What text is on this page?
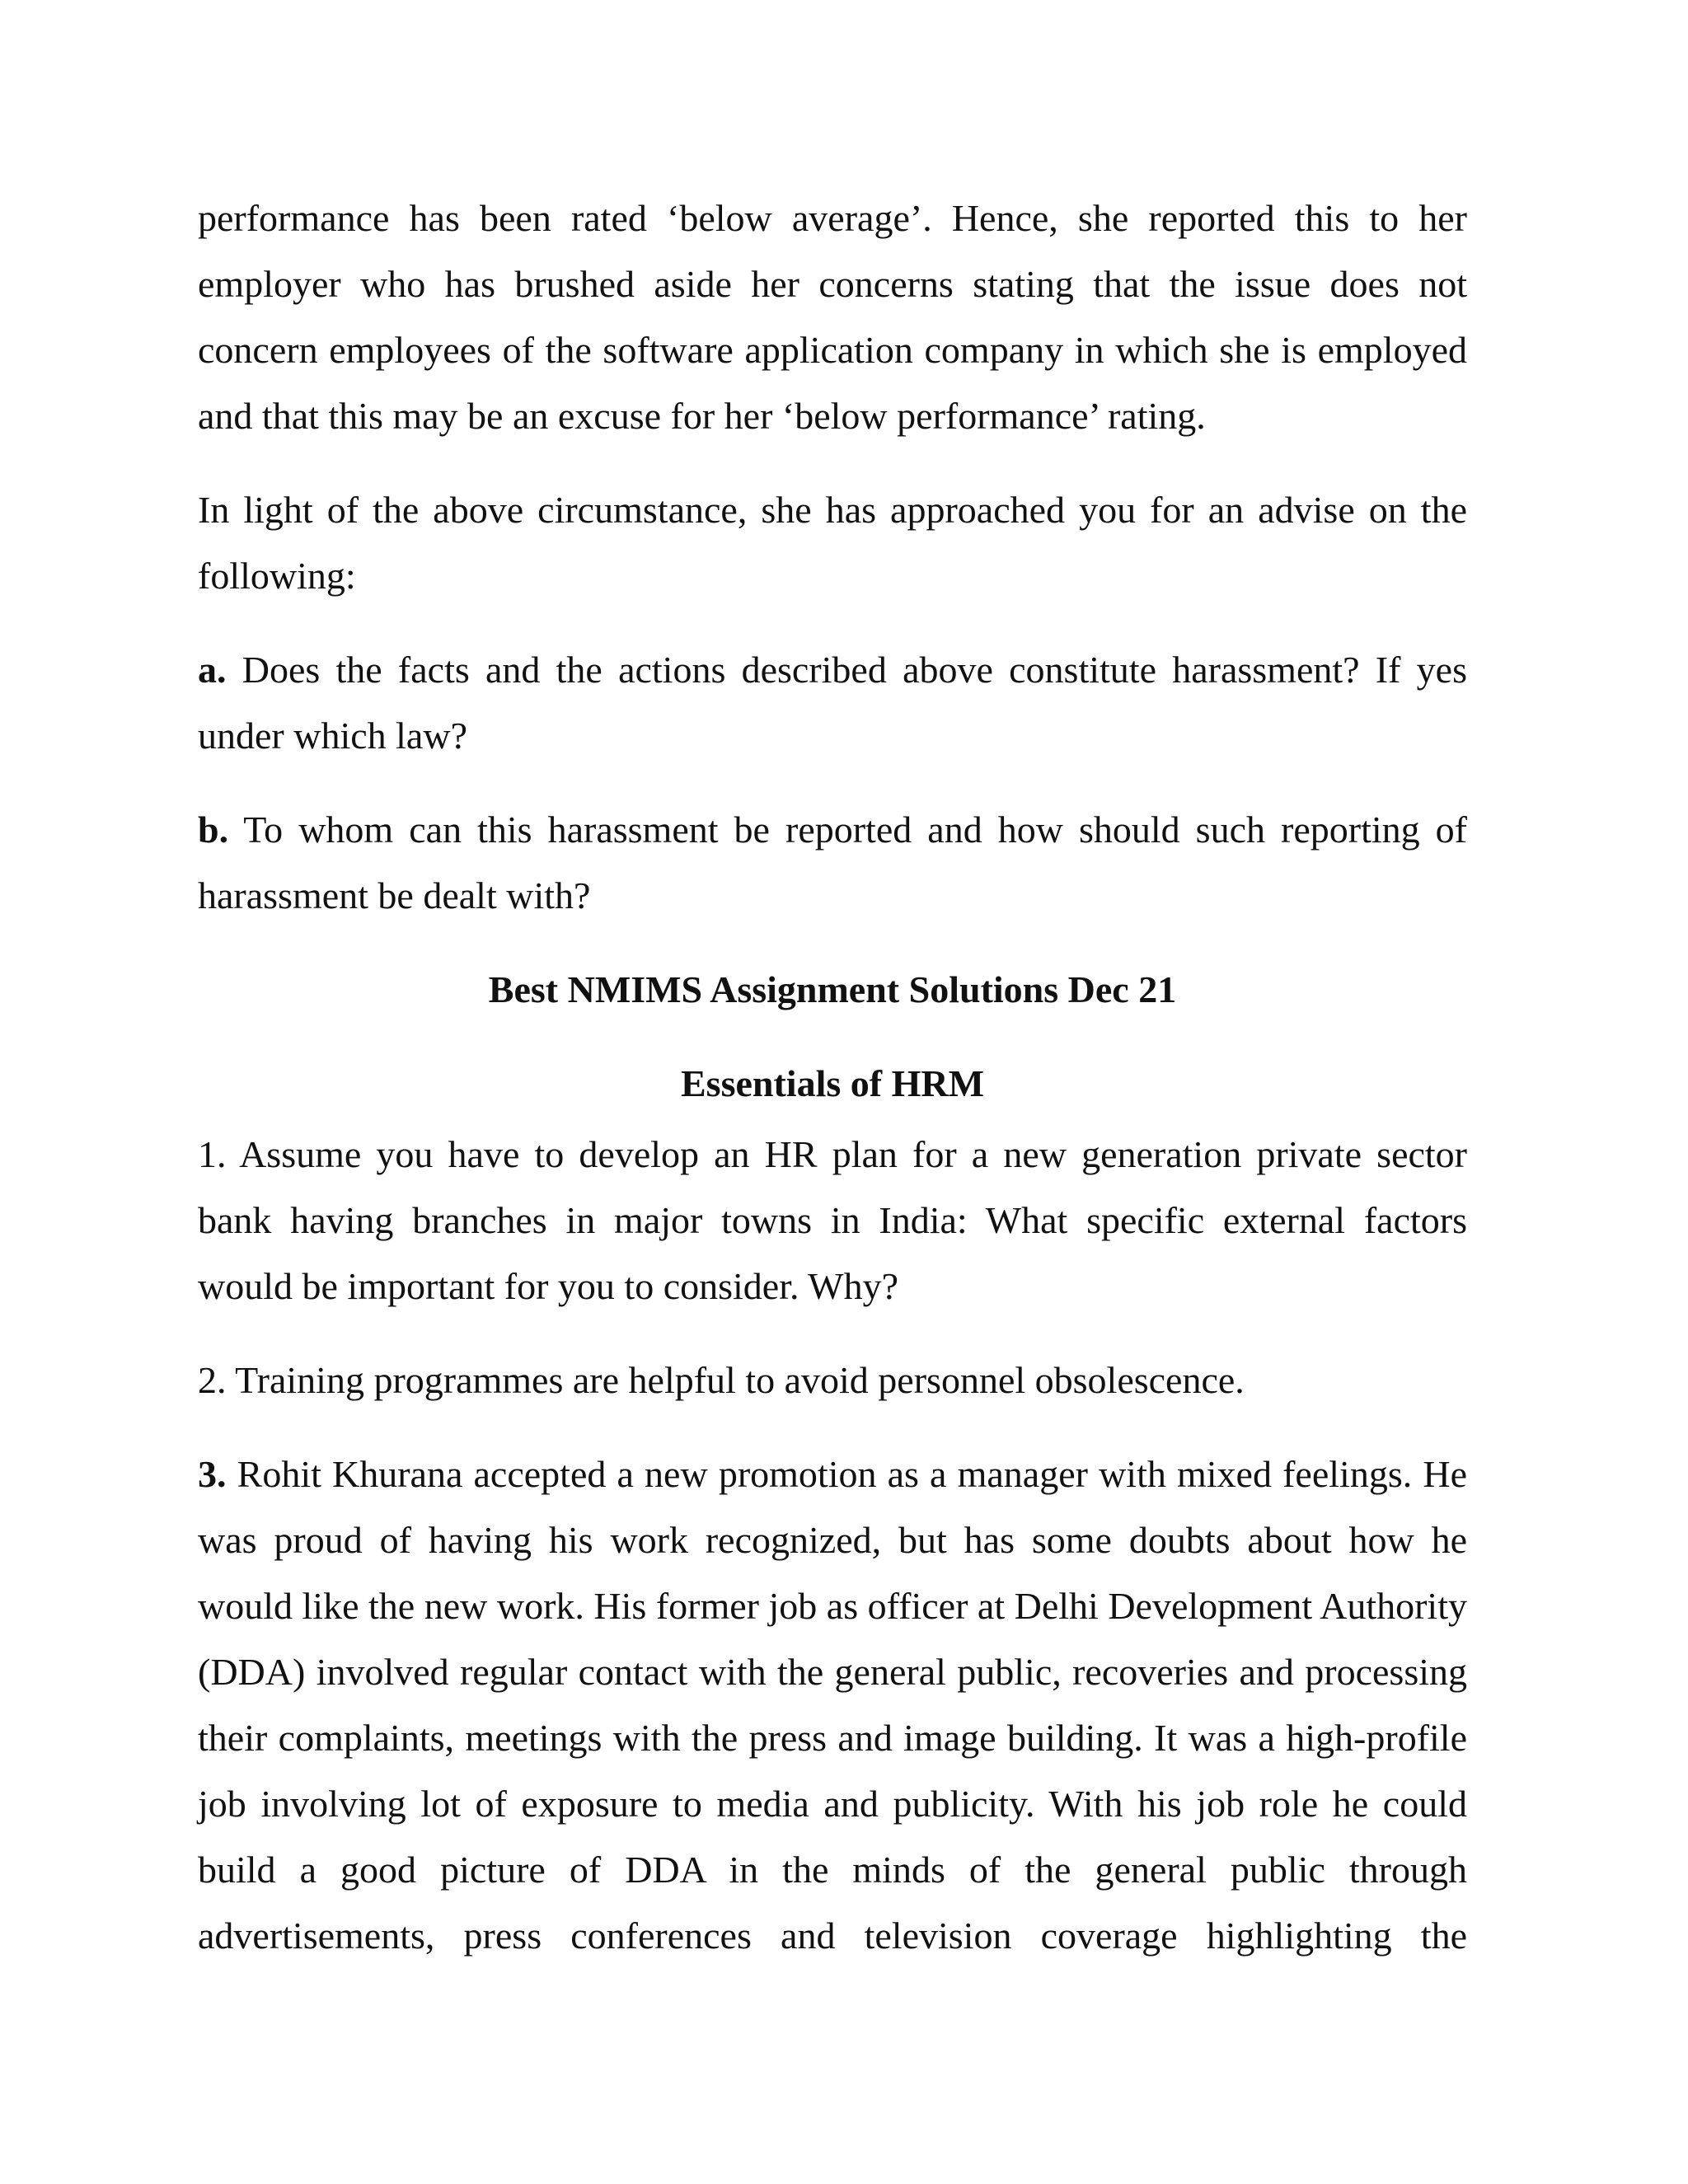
performance has been rated ‘below average’. Hence, she reported this to her employer who has brushed aside her concerns stating that the issue does not concern employees of the software application company in which she is employed and that this may be an excuse for her ‘below performance’ rating.

In light of the above circumstance, she has approached you for an advise on the following:

a. Does the facts and the actions described above constitute harassment? If yes under which law?

b. To whom can this harassment be reported and how should such reporting of harassment be dealt with?

Best NMIMS Assignment Solutions Dec 21

Essentials of HRM

1. Assume you have to develop an HR plan for a new generation private sector bank having branches in major towns in India: What specific external factors would be important for you to consider. Why?

2. Training programmes are helpful to avoid personnel obsolescence.

3. Rohit Khurana accepted a new promotion as a manager with mixed feelings. He was proud of having his work recognized, but has some doubts about how he would like the new work. His former job as officer at Delhi Development Authority (DDA) involved regular contact with the general public, recoveries and processing their complaints, meetings with the press and image building. It was a high-profile job involving lot of exposure to media and publicity. With his job role he could build a good picture of DDA in the minds of the general public through advertisements, press conferences and television coverage highlighting the
